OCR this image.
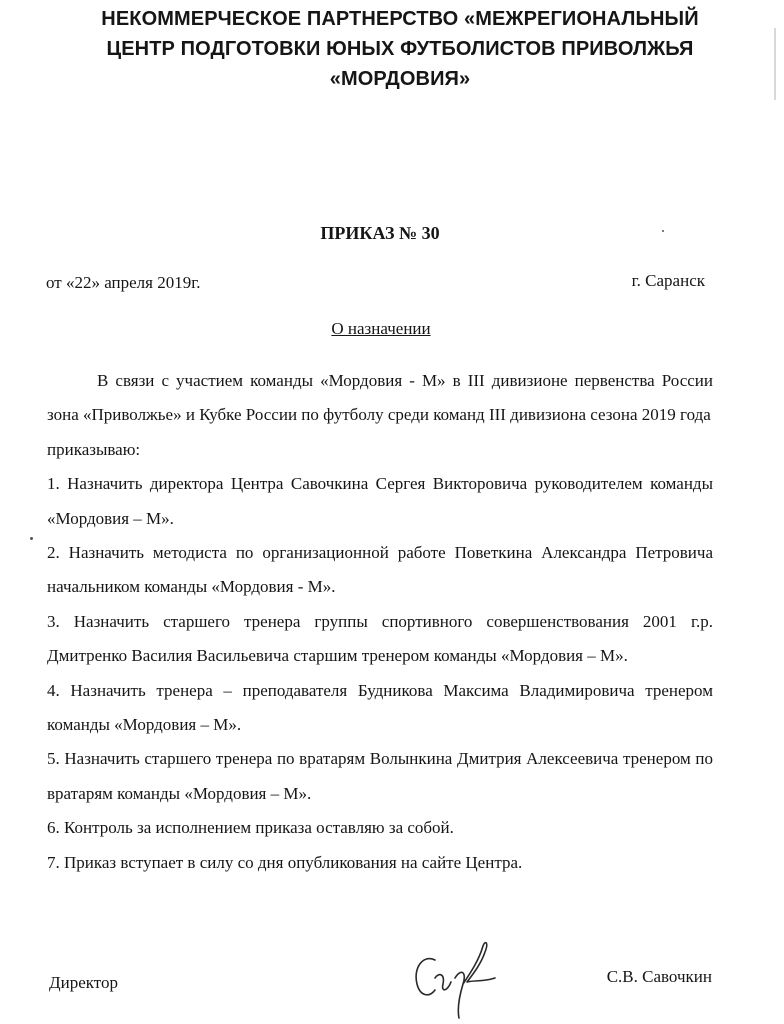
НЕКОММЕРЧЕСКОЕ ПАРТНЕРСТВО «МЕЖРЕГИОНАЛЬНЫЙ
ЦЕНТР ПОДГОТОВКИ ЮНЫХ ФУТБОЛИСТОВ ПРИВОЛЖЬЯ
«МОРДОВИЯ»
ПРИКАЗ № 30
от «22» апреля 2019г.	г. Саранск
О назначении

В связи с участием команды «Мордовия - М» в III дивизионе первенства России зона «Приволжье» и Кубке России по футболу среди команд III дивизиона сезона 2019 года

приказываю:

1. Назначить директора Центра Савочкина Сергея Викторовича руководителем команды «Мордовия – М».

2. Назначить методиста по организационной работе Поветкина Александра Петровича начальником команды «Мордовия - М».

3. Назначить старшего тренера группы спортивного совершенствования 2001 г.р. Дмитренко Василия Васильевича старшим тренером команды «Мордовия – М».

4. Назначить тренера – преподавателя Будникова Максима Владимировича тренером команды «Мордовия – М».

5. Назначить старшего тренера по вратарям Волынкина Дмитрия Алексеевича тренером по вратарям команды «Мордовия – М».

6. Контроль за исполнением приказа оставляю за собой.

7. Приказ вступает в силу со дня опубликования на сайте Центра.

Директор	С.В. Савочкин
